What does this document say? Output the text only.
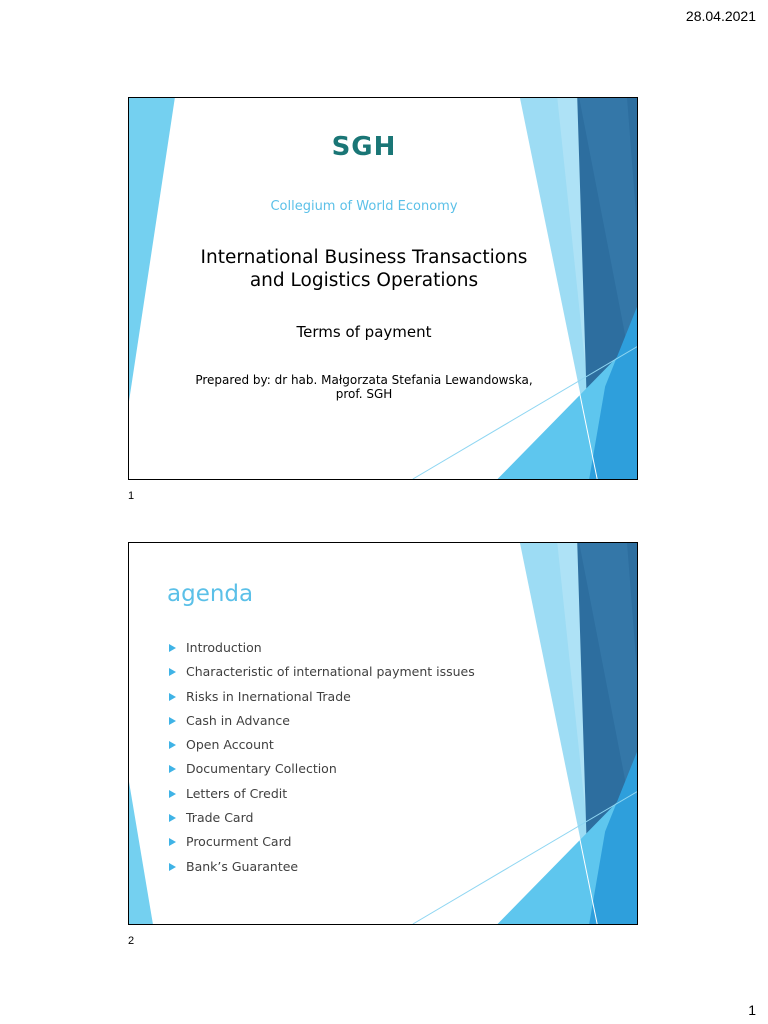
28.04.2021
SGH
Collegium of World Economy
International Business Transactions
and Logistics Operations
Terms of payment
Prepared by: dr hab. Małgorzata Stefania Lewandowska,
prof. SGH
1
agenda
Introduction
Characteristic of international payment issues
Risks in Inernational Trade
Cash in Advance
Open Account
Documentary Collection
Letters of Credit
Trade Card
Procurment Card
Bank’s Guarantee
2
1
